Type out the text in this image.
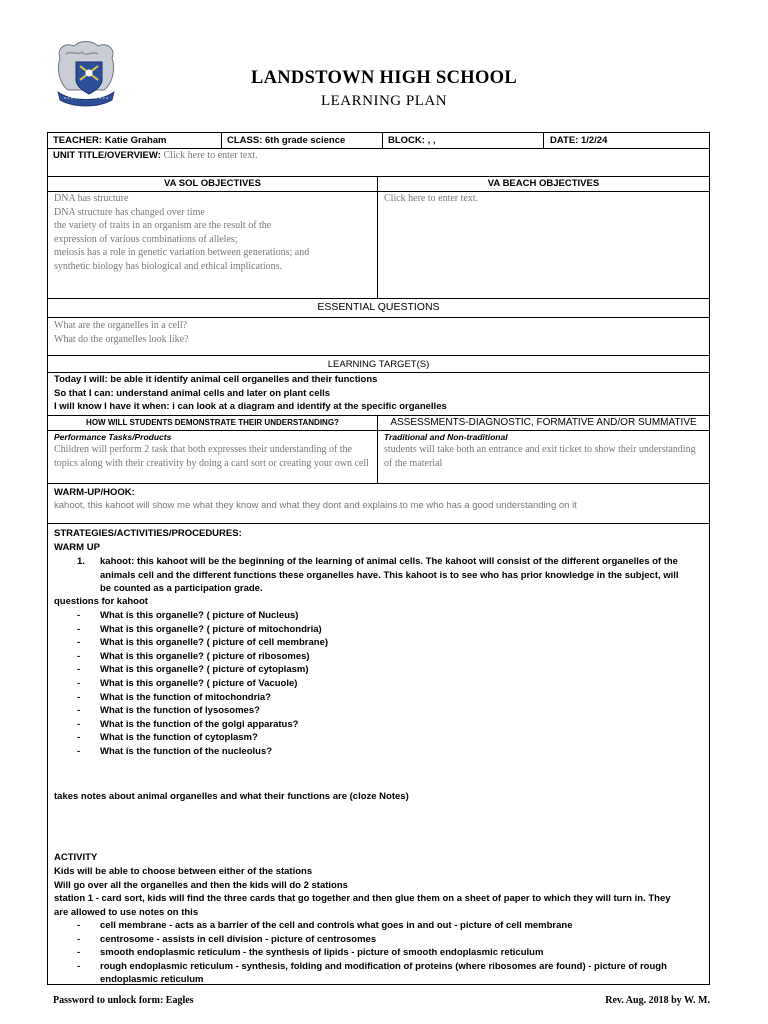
LANDSTOWN HIGH SCHOOL
LEARNING PLAN
TEACHER: Katie Graham	CLASS: 6th grade science	BLOCK: , ,	DATE: 1/2/24
UNIT TITLE/OVERVIEW: Click here to enter text.
VA SOL OBJECTIVES	VA BEACH OBJECTIVES
DNA has structure
DNA structure has changed over time
the variety of traits in an organism are the result of the
expression of various combinations of alleles;
meiosis has a role in genetic variation between generations; and
synthetic biology has biological and ethical implications.
Click here to enter text.
ESSENTIAL QUESTIONS
What are the organelles in a cell?
What do the organelles look like?
LEARNING TARGET(S)
Today I will: be able it identify animal cell organelles and their functions
So that I can: understand animal cells and later on plant cells
I will know I have it when: i can look at a diagram and identify at the specific organelles
HOW WILL STUDENTS DEMONSTRATE THEIR UNDERSTANDING?	ASSESSMENTS-DIAGNOSTIC, FORMATIVE AND/OR SUMMATIVE
Performance Tasks/Products	Traditional and Non-traditional
Children will perform 2 task that both expresses their understanding of the topics along with their creativity by doing a card sort or creating your own cell
students will take both an entrance and exit ticket to show their understanding of the material
WARM-UP/HOOK:
kahoot, this kahoot will show me what they know and what they dont and explains to me who has a good understanding on it
STRATEGIES/ACTIVITIES/PROCEDURES:
WARM UP
1. kahoot: this kahoot will be the beginning of the learning of animal cells. The kahoot will consist of the different organelles of the
animals cell and the different functions these organelles have. This kahoot is to see who has prior knowledge in the subject, will
be counted as a participation grade.
questions for kahoot
- What is this organelle? ( picture of Nucleus)
- What is this organelle? ( picture of mitochondria)
- What is this organelle? ( picture of cell membrane)
- What is this organelle? ( picture of ribosomes)
- What is this organelle? ( picture of cytoplasm)
- What is this organelle? ( picture of Vacuole)
- What is the function of mitochondria?
- What is the function of lysosomes?
- What is the function of the golgi apparatus?
- What is the function of cytoplasm?
- What is the function of the nucleolus?
takes notes about animal organelles and what their functions are (cloze Notes)
ACTIVITY
Kids will be able to choose between either of the stations
Will go over all the organelles and then the kids will do 2 stations
station 1 - card sort, kids will find the three cards that go together and then glue them on a sheet of paper to which they will turn in. They
are allowed to use notes on this
- cell membrane - acts as a barrier of the cell and controls what goes in and out - picture of cell membrane
- centrosome - assists in cell division - picture of centrosomes
- smooth endoplasmic reticulum - the synthesis of lipids - picture of smooth endoplasmic reticulum
- rough endoplasmic reticulum - synthesis, folding and modification of proteins (where ribosomes are found) - picture of rough
endoplasmic reticulum
Password to unlock form: Eagles	Rev. Aug. 2018 by W. M.
